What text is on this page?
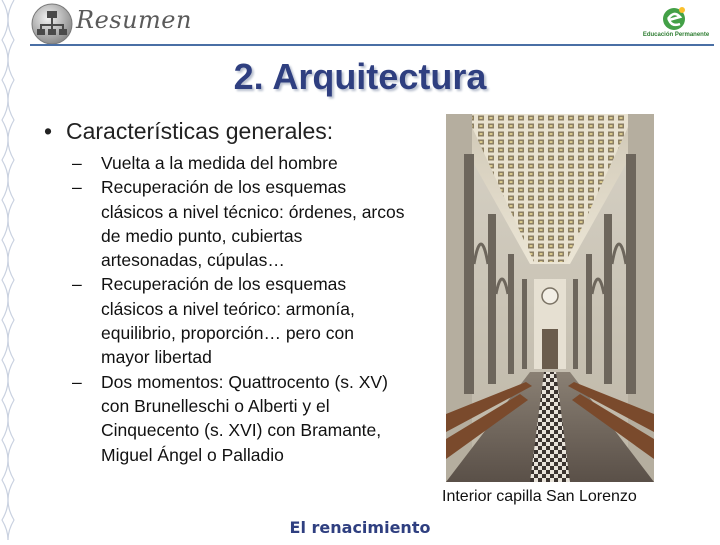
Resumen
Educación Permanente
2. Arquitectura
• Características generales:
– Vuelta a la medida del hombre
– Recuperación de los esquemas clásicos a nivel técnico: órdenes, arcos de medio punto, cubiertas artesonadas, cúpulas…
– Recuperación de los esquemas clásicos a nivel teórico: armonía, equilibrio, proporción… pero con mayor libertad
– Dos momentos: Quattrocento (s. XV) con Brunelleschi o Alberti y el Cinquecento (s. XVI) con Bramante, Miguel Ángel o Palladio
Interior capilla San Lorenzo
El renacimiento
